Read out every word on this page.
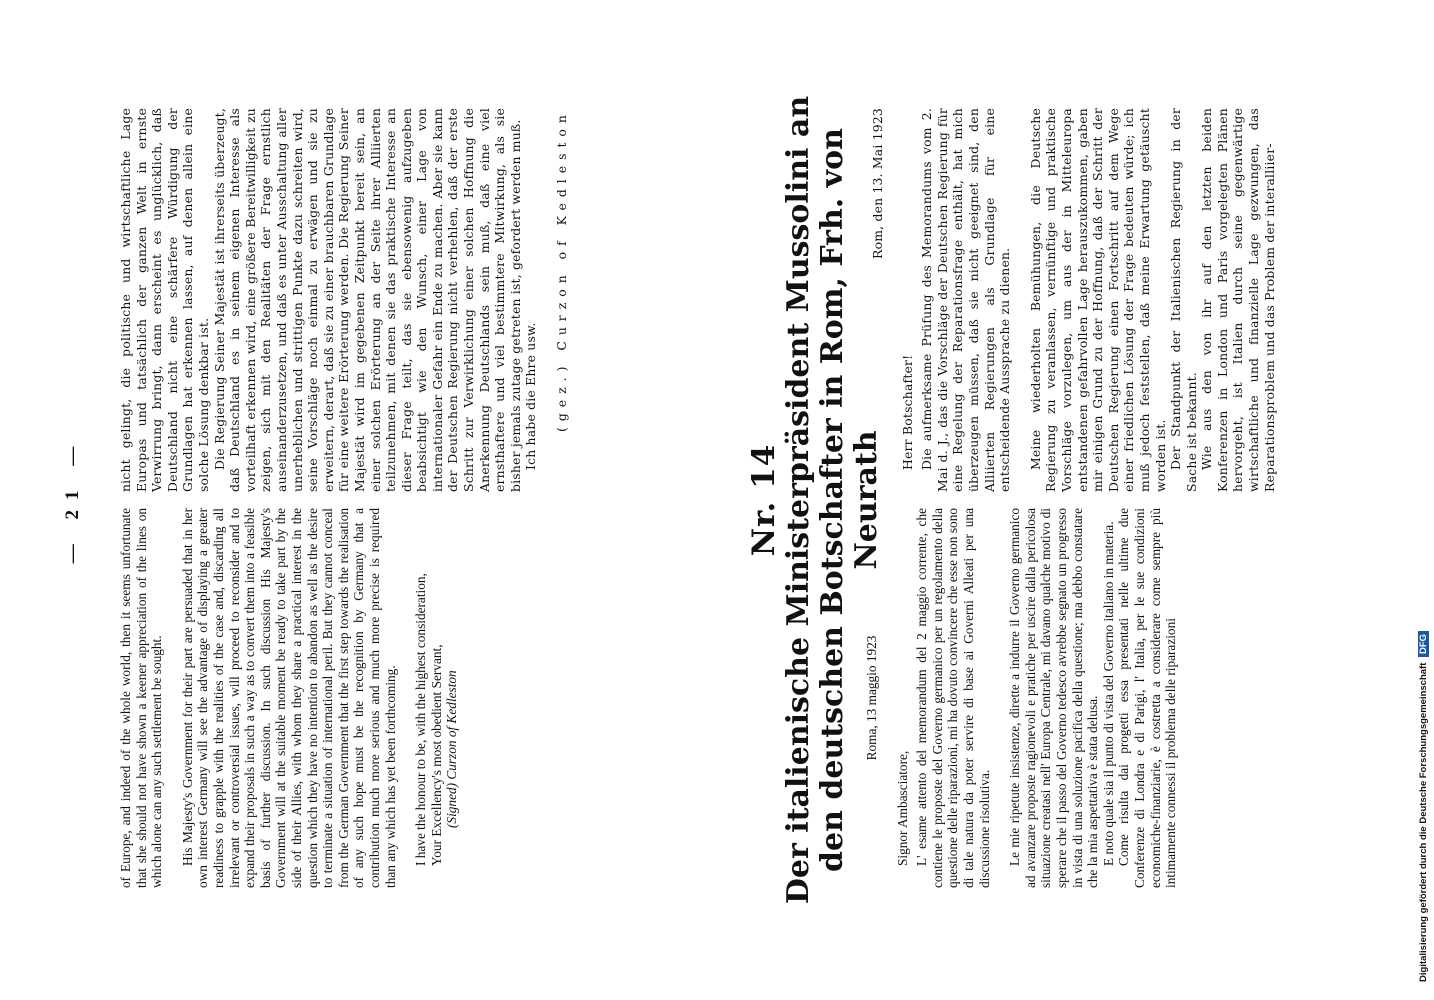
— 21 —

of Europe, and indeed of the whole world, then it seems unfortunate that she should not have shown a keener appreciation of the lines on which alone can any such settlement be sought. His Majesty's Government for their part are persuaded that in her own interest Germany will see the advantage of displaying a greater readiness to grapple with the realities of the case and, discarding all irrelevant or controversial issues, will proceed to reconsider and to expand their proposals in such a way as to convert them into a feasible basis of further discussion. In such discussion His Majesty's Government will at the suitable moment be ready to take part by the side of their Allies, with whom they share a practical interest in the question which they have no intention to abandon as well as the desire to terminate a situation of international peril. But they cannot conceal from the German Government that the first step towards the realisation of any such hope must be the recognition by Germany that a contribution much more serious and much more precise is required than any which has yet been forthcoming. I have the honour to be, with the highest consideration, Your Excellency's most obedient Servant, (Signed) Curzon of Kedleston

nicht gelingt, die politische und wirtschaftliche Lage Europas und tatsächlich der ganzen Welt in ernste Verwirrung bringt, dann erscheint es unglücklich, daß Deutschland nicht eine schärfere Würdigung der Grundlagen hat erkennen lassen, auf denen allein eine solche Lösung denkbar ist. Die Regierung Seiner Majestät ist ihrerseits überzeugt, daß Deutschland es in seinem eigenen Interesse als vorteilhaft erkennen wird, eine größere Bereitwilligkeit zu zeigen, sich mit den Realitäten der Frage ernstlich auseinanderzusetzen, und daß es unter Ausschaltung aller unerheblichen und strittigen Punkte dazu schreiten wird, seine Vorschläge noch einmal zu erwägen und sie zu erweitern, derart, daß sie zu einer brauchbaren Grundlage für eine weitere Erörterung werden. Die Regierung Seiner Majestät wird im gegebenen Zeitpunkt bereit sein, an einer solchen Erörterung an der Seite ihrer Alliierten teilzunehmen, mit denen sie das praktische Interesse an dieser Frage teilt, das sie ebensowenig aufzugeben beabsichtigt wie den Wunsch, einer Lage von internationaler Gefahr ein Ende zu machen. Aber sie kann der Deutschen Regierung nicht verhehlen, daß der erste Schritt zur Verwirklichung einer solchen Hoffnung die Anerkennung Deutschlands sein muß, daß eine viel ernsthaftere und viel bestimmtere Mitwirkung, als sie bisher jemals zutage getreten ist, gefordert werden muß. Ich habe die Ehre usw. (gez.) Curzon of Kedleston

Nr. 14 Der italienische Ministerpräsident Mussolini an den deutschen Botschafter in Rom, Frh. von Neurath

Roma, 13 maggio 1923

Signor Ambasciatore, L' esame attento del memorandum del 2 maggio corrente, che contiene le proposte del Governo germanico per un regolamento della questione delle riparazioni, mi ha dovuto convincere che esse non sono di tale natura da poter servire di base ai Governi Alleati per una discussione risolutiva. Le mie ripetute insistenze, dirette a indurre il Governo germanico ad avanzare proposte ragionevoli e pratiche per uscire dalla pericolosa situazione creatasi nell' Europa Centrale, mi davano qualche motivo di sperare che il passo del Governo tedesco avrebbe segnato un progresso in vista di una soluzione pacifica della questione; ma debbo constatare che la mia aspettativa è stata delusa. E noto quale sia il punto di vista del Governo italiano in materia. Come risulta dai progetti essa presentati nelle ultime due Conferenze di Londra e di Parigi, l' Italia, per le sue condizioni economiche-finanziarie, è costretta a considerare come sempre più intimamente connessi il problema delle riparazioni

Rom, den 13. Mai 1923

Herr Botschafter! Die aufmerksame Prüfung des Memorandums vom 2. Mai d. J., das die Vorschläge der Deutschen Regierung für eine Regelung der Reparationsfrage enthält, hat mich überzeugen müssen, daß sie nicht geeignet sind, den Alliierten Regierungen als Grundlage für eine entscheidende Aussprache zu dienen. Meine wiederholten Bemühungen, die Deutsche Regierung zu veranlassen, vernünftige und praktische Vorschläge vorzulegen, um aus der in Mitteleuropa entstandenen gefahrvollen Lage herauszukommen, gaben mir einigen Grund zu der Hoffnung, daß der Schritt der Deutschen Regierung einen Fortschritt auf dem Wege einer friedlichen Lösung der Frage bedeuten würde; ich muß jedoch feststellen, daß meine Erwartung getäuscht worden ist. Der Standpunkt der Italienischen Regierung in der Sache ist bekannt. Wie aus den von ihr auf den letzten beiden Konferenzen in London und Paris vorgelegten Plänen hervorgeht, ist Italien durch seine gegenwärtige wirtschaftliche und finanzielle Lage gezwungen, das Reparationsproblem und das Problem der interalliier-

Digitalisierung gefördert durch die Deutsche Forschungsgemeinschaft DFG
